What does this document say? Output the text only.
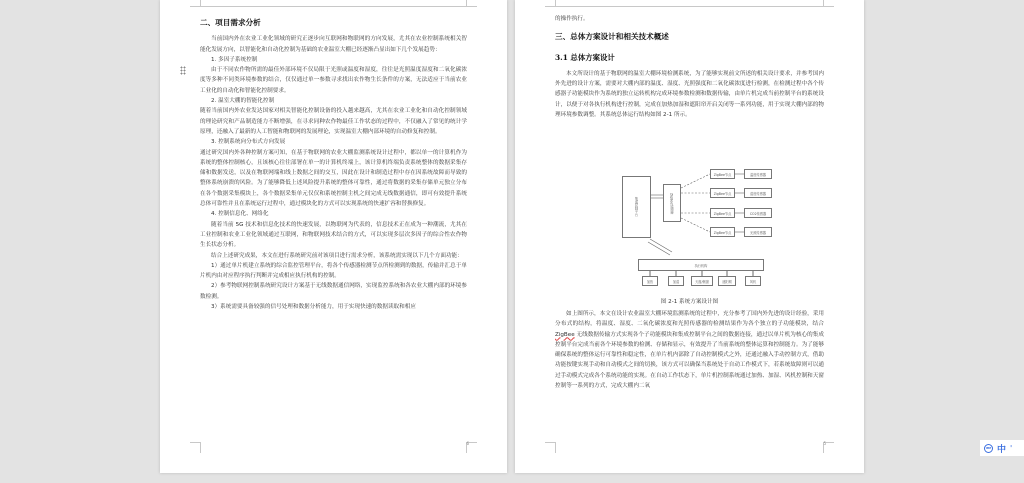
二、项目需求分析

当前国内外在农业工业化领域的研究正逐步向互联网和物联网的方向发展，尤其在农业控制系统相关智能化发展方向，以智能化和自动化控制为基础的农业温室大棚已经逐渐凸显出如下几个发展趋势：

1. 多因子系统控制

由于不同农作物所需的最佳外部环境不仅局限于光照或温度和湿度，往往是光照温度湿度和二氧化碳浓度等多种不同类环境参数的结合，仅仅通过单一参数寻求找出农作物生长条件的方案，无法适应于当前农业工业化的自动化和智能化控制要求。

2. 温室大棚的智能化控制

随着当前国内外农业发达国家对相关智能化控制设备的投入越来越高，尤其在农业工业化和自动化控制领域的理论研究和产品制造能力不断增强，在寻求同种农作物最佳工作状态的过程中，不仅融入了常见的统计学原理，还融入了最新的人工智能和物联网的发展理论，实现温室大棚内部环境的自动修复和控制。

3. 控制系统向分布式方向发展

通过研究国内外各种控制方案可知，在基于物联网的农业大棚监测系统设计过程中，都以单一的计算机作为系统的整体控制核心，且该核心往往部署在单一的计算机终端上，该计算机终端负责系统整体的数据采集存储和数据发送，以及在物联网端和线上数据之间的交互，因此在设计和制造过程中存在因系统故障而导致的整体系统崩溃的风险。为了能够降低上述风险提升系统的整体可靠性，通过将数据的采集存储单元独立分布在各个数据采集模块上，各个数据采集单元仅仅和系统控制主机之间完成无线数据通信，即可有效提升系统总体可靠性并且在系统运行过程中，通过模块化的方式可以实现系统的快速扩容和替换修复。

4. 控制信息化、网络化

随着当前 5G 技术和信息化技术的快速发展，以物联网为代表的，信息技术正在成为一种潮流，尤其在工业控制和农业工业化领域通过互联网，和物联网技术结合的方式，可以实现多层次多因子的综合性农作物生长状态分析。

结合上述研究成果，本文在进行系统研究前对该项目进行需求分析，该系统需实现以下几个方面功能：

1）通过单片机建立系统的综合监控管理平台，将各个传感器检测节点所检测到的数据，传输并汇总于单片机内由对应程序执行判断并完成相应执行机构的控制。

2）参考物联网控制系统研究设计方案基于无线数据通信网络，实现监控系统和各农业大棚内部的环境参数检测。

3）系统需要具备较强的信号处理和数据分析能力，用于实现快速的数据读取和相应

6

的操作执行。

三、总体方案设计和相关技术概述
3.1 总体方案设计

本文所设计的基于物联网的温室大棚环境检测系统，为了能够实现前文所述的相关设计要求，并参考国内外先进的设计方案，需要对大棚内部的温度、湿度、光照强度和二氧化碳浓度进行检测，在检测过程中各个传感器子功能模块作为系统的独立运转机构完成环境参数检测和数据传输，由单片机完成当前控制平台的系统设计，以便于对各执行机构进行控制，完成在加热加湿和遮阳帘开启关闭等一系列功能，用于实现大棚内部的物理环境参数调整。其系统总体运行结构如图 2-1 所示。

集成控制平台	ZigBee协调器
ZigBee节点	温度传感器
ZigBee节点	湿度传感器
ZigBee节点	CO2传感器
ZigBee节点	光照传感器
执行机构
加热	加湿	天窗/侧窗	遮阳网	风机
图 2-1 系统方案设计图

如上图所示，本文在设计农业温室大棚环境监测系统的过程中，充分参考了国内外先进的设计经验，采用分布式的结构，将温度、湿度、二氧化碳浓度和光照传感器的检测结果作为各个独立的子功能模块，结合 ZigBee 无线数据传输方式实现各个子功能模块和集成控制平台之间的数据连接，通过以单片机为核心的集成控制平台完成当前各个环境参数的检测、存储和显示，有效提升了当前系统的整体运算和控制能力。为了能够确保系统的整体运行可靠性和稳定性，在单片机内部除了自动控制模式之外，还通过融入手动控制方式，借助功能按键实现手动和自动模式之间的切换，该方式可以确保当系统处于自动工作模式下，若系统故障则可以通过手动模式完成各个系统功能的实现。在自动工作状态下，单片机控制系统通过加热、加湿、风机控制和天窗控制等一系列的方式，完成大棚内二氧

5
IME 中 '
